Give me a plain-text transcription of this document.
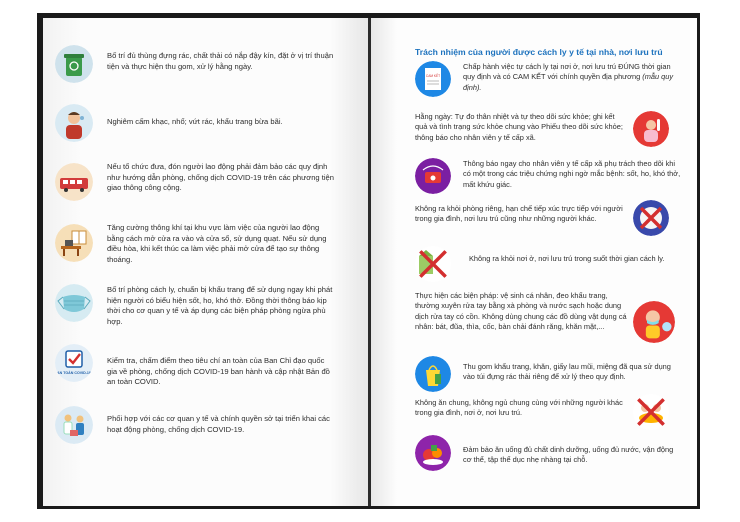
Bố trí đủ thùng đựng rác, chất thải có nắp đậy kín, đặt ở vị trí thuận tiện và thực hiện thu gom, xử lý hằng ngày.
Nghiêm cấm khạc, nhổ; vứt rác, khẩu trang bừa bãi.
Nếu tổ chức đưa, đón người lao động phải đảm bảo các quy định như hướng dẫn phòng, chống dịch COVID-19 trên các phương tiện giao thông công cộng.
Tăng cường thông khí tại khu vực làm việc của người lao động bằng cách mở cửa ra vào và cửa sổ, sử dụng quạt. Nếu sử dụng điều hòa, khi kết thúc ca làm việc phải mở cửa để tạo sự thông thoáng.
Bố trí phòng cách ly, chuẩn bị khẩu trang để sử dụng ngay khi phát hiện người có biểu hiện sốt, ho, khó thở. Đồng thời thông báo kịp thời cho cơ quan y tế và áp dụng các biện pháp phòng ngừa phù hợp.
AN TOÀN COVID-19
Kiểm tra, chấm điểm theo tiêu chí an toàn của Ban Chỉ đạo quốc gia về phòng, chống dịch COVID-19 ban hành và cập nhật Bản đồ an toàn COVID.
Phối hợp với các cơ quan y tế và chính quyền sở tại triển khai các hoạt động phòng, chống dịch COVID-19.
Trách nhiệm của người được cách ly y tế tại nhà, nơi lưu trú
CAM KẾT
Chấp hành việc tự cách ly tại nơi ở, nơi lưu trú ĐÚNG thời gian quy định và có CAM KẾT với chính quyền địa phương (mẫu quy định).
Hằng ngày: Tự đo thân nhiệt và tự theo dõi sức khỏe; ghi kết quả và tình trạng sức khỏe chung vào Phiếu theo dõi sức khỏe; thông báo cho nhân viên y tế cấp xã.
Thông báo ngay cho nhân viên y tế cấp xã phụ trách theo dõi khi có một trong các triệu chứng nghi ngờ mắc bệnh: sốt, ho, khó thở, mất khứu giác.
Không ra khỏi phòng riêng, hạn chế tiếp xúc trực tiếp với người trong gia đình, nơi lưu trú cũng như những người khác.
Không ra khỏi nơi ở, nơi lưu trú trong suốt thời gian cách ly.
Thực hiện các biện pháp: vệ sinh cá nhân, đeo khẩu trang, thường xuyên rửa tay bằng xà phòng và nước sạch hoặc dung dịch rửa tay có cồn. Không dùng chung các đồ dùng vật dụng cá nhân: bát, đũa, thìa, cốc, bàn chải đánh răng, khăn mặt,...
Thu gom khẩu trang, khăn, giấy lau mũi, miệng đã qua sử dụng vào túi đựng rác thải riêng để xử lý theo quy định.
Không ăn chung, không ngủ chung cùng với những người khác trong gia đình, nơi ở, nơi lưu trú.
Đảm bảo ăn uống đủ chất dinh dưỡng, uống đủ nước, vận động cơ thể, tập thể dục nhẹ nhàng tại chỗ.
